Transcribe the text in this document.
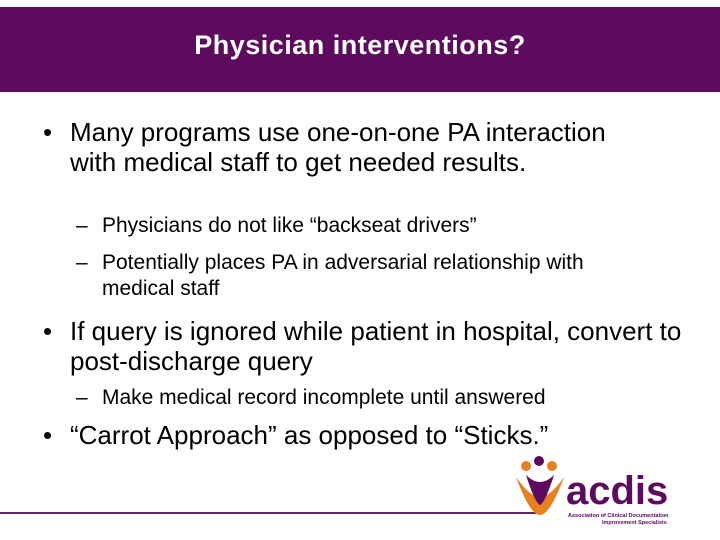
Physician interventions?
• Many programs use one-on-one PA interaction with medical staff to get needed results.
– Physicians do not like “backseat drivers”
– Potentially places PA in adversarial relationship with medical staff
• If query is ignored while patient in hospital, convert to post-discharge query
– Make medical record incomplete until answered
• “Carrot Approach” as opposed to “Sticks.”
acdis
Association of Clinical Documentation
Improvement Specialists
